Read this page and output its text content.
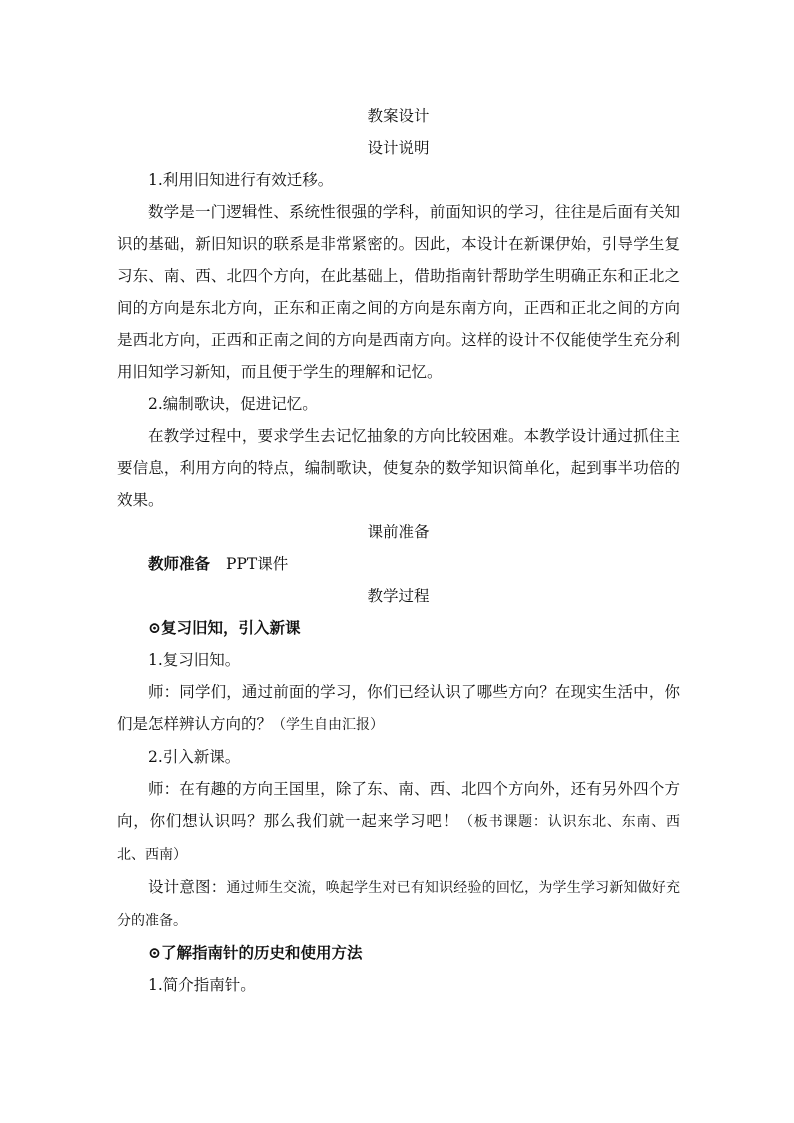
教案设计

设计说明

1.利用旧知进行有效迁移。

数学是一门逻辑性、系统性很强的学科，前面知识的学习，往往是后面有关知识的基础，新旧知识的联系是非常紧密的。因此，本设计在新课伊始，引导学生复习东、南、西、北四个方向，在此基础上，借助指南针帮助学生明确正东和正北之间的方向是东北方向，正东和正南之间的方向是东南方向，正西和正北之间的方向是西北方向，正西和正南之间的方向是西南方向。这样的设计不仅能使学生充分利用旧知学习新知，而且便于学生的理解和记忆。

2.编制歌诀，促进记忆。

在教学过程中，要求学生去记忆抽象的方向比较困难。本教学设计通过抓住主要信息，利用方向的特点，编制歌诀，使复杂的数学知识简单化，起到事半功倍的效果。

课前准备

教师准备 PPT课件

教学过程

⊙复习旧知，引入新课

1.复习旧知。

师：同学们，通过前面的学习，你们已经认识了哪些方向？在现实生活中，你们是怎样辨认方向的？（学生自由汇报）

2.引入新课。

师：在有趣的方向王国里，除了东、南、西、北四个方向外，还有另外四个方向，你们想认识吗？那么我们就一起来学习吧！（板书课题：认识东北、东南、西北、西南）

设计意图：通过师生交流，唤起学生对已有知识经验的回忆，为学生学习新知做好充分的准备。

⊙了解指南针的历史和使用方法

1.简介指南针。
